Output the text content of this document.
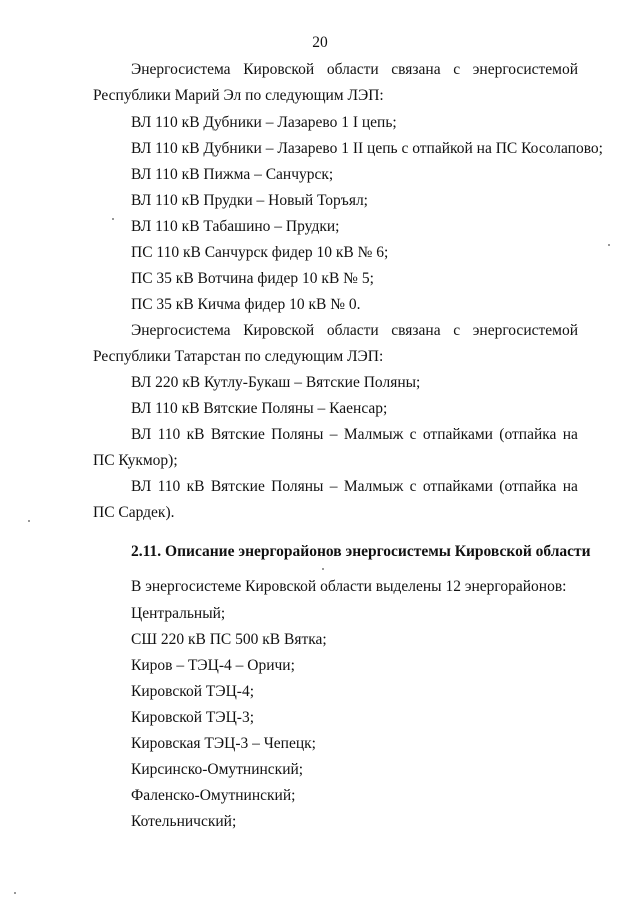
20
Энергосистема Кировской области связана с энергосистемой
Республики Марий Эл по следующим ЛЭП:
ВЛ 110 кВ Дубники – Лазарево 1 I цепь;
ВЛ 110 кВ Дубники – Лазарево 1 II цепь с отпайкой на ПС Косолапово;
ВЛ 110 кВ Пижма – Санчурск;
ВЛ 110 кВ Прудки – Новый Торъял;
ВЛ 110 кВ Табашино – Прудки;
ПС 110 кВ Санчурск фидер 10 кВ № 6;
ПС 35 кВ Вотчина фидер 10 кВ № 5;
ПС 35 кВ Кичма фидер 10 кВ № 0.
Энергосистема Кировской области связана с энергосистемой
Республики Татарстан по следующим ЛЭП:
ВЛ 220 кВ Кутлу-Букаш – Вятские Поляны;
ВЛ 110 кВ Вятские Поляны – Каенсар;
ВЛ 110 кВ Вятские Поляны – Малмыж с отпайками (отпайка на
ПС Кукмор);
ВЛ 110 кВ Вятские Поляны – Малмыж с отпайками (отпайка на
ПС Сардек).
2.11. Описание энергорайонов энергосистемы Кировской области
В энергосистеме Кировской области выделены 12 энергорайонов:
Центральный;
СШ 220 кВ ПС 500 кВ Вятка;
Киров – ТЭЦ-4 – Оричи;
Кировской ТЭЦ-4;
Кировской ТЭЦ-3;
Кировская ТЭЦ-3 – Чепецк;
Кирсинско-Омутнинский;
Фаленско-Омутнинский;
Котельничский;
